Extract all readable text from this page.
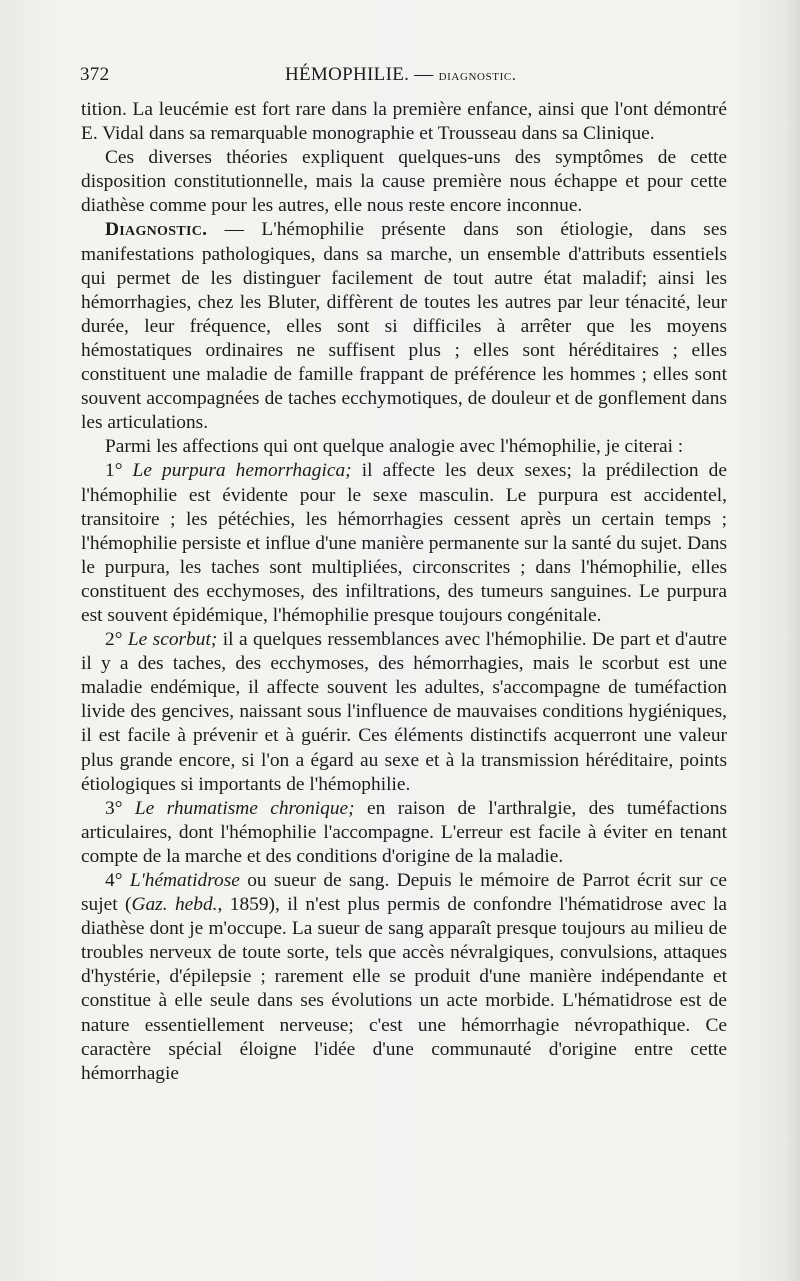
372	HÉMOPHILIE. — diagnostic.

tition. La leucémie est fort rare dans la première enfance, ainsi que l'ont démontré E. Vidal dans sa remarquable monographie et Trousseau dans sa Clinique.

Ces diverses théories expliquent quelques-uns des symptômes de cette disposition constitutionnelle, mais la cause première nous échappe et pour cette diathèse comme pour les autres, elle nous reste encore inconnue.

Diagnostic. — L'hémophilie présente dans son étiologie, dans ses manifestations pathologiques, dans sa marche, un ensemble d'attributs essentiels qui permet de les distinguer facilement de tout autre état maladif; ainsi les hémorrhagies, chez les Bluter, diffèrent de toutes les autres par leur ténacité, leur durée, leur fréquence, elles sont si difficiles à arrêter que les moyens hémostatiques ordinaires ne suffisent plus ; elles sont héréditaires ; elles constituent une maladie de famille frappant de préférence les hommes ; elles sont souvent accompagnées de taches ecchymotiques, de douleur et de gonflement dans les articulations.

Parmi les affections qui ont quelque analogie avec l'hémophilie, je citerai :

1° Le purpura hemorrhagica; il affecte les deux sexes; la prédilection de l'hémophilie est évidente pour le sexe masculin. Le purpura est accidentel, transitoire ; les pétéchies, les hémorrhagies cessent après un certain temps ; l'hémophilie persiste et influe d'une manière permanente sur la santé du sujet. Dans le purpura, les taches sont multipliées, circonscrites ; dans l'hémophilie, elles constituent des ecchymoses, des infiltrations, des tumeurs sanguines. Le purpura est souvent épidémique, l'hémophilie presque toujours congénitale.

2° Le scorbut; il a quelques ressemblances avec l'hémophilie. De part et d'autre il y a des taches, des ecchymoses, des hémorrhagies, mais le scorbut est une maladie endémique, il affecte souvent les adultes, s'accompagne de tuméfaction livide des gencives, naissant sous l'influence de mauvaises conditions hygiéniques, il est facile à prévenir et à guérir. Ces éléments distinctifs acquerront une valeur plus grande encore, si l'on a égard au sexe et à la transmission héréditaire, points étiologiques si importants de l'hémophilie.

3° Le rhumatisme chronique; en raison de l'arthralgie, des tuméfactions articulaires, dont l'hémophilie l'accompagne. L'erreur est facile à éviter en tenant compte de la marche et des conditions d'origine de la maladie.

4° L'hématidrose ou sueur de sang. Depuis le mémoire de Parrot écrit sur ce sujet (Gaz. hebd., 1859), il n'est plus permis de confondre l'hématidrose avec la diathèse dont je m'occupe. La sueur de sang apparaît presque toujours au milieu de troubles nerveux de toute sorte, tels que accès névralgiques, convulsions, attaques d'hystérie, d'épilepsie ; rarement elle se produit d'une manière indépendante et constitue à elle seule dans ses évolutions un acte morbide. L'hématidrose est de nature essentiellement nerveuse; c'est une hémorrhagie névropathique. Ce caractère spécial éloigne l'idée d'une communauté d'origine entre cette hémorrhagie
